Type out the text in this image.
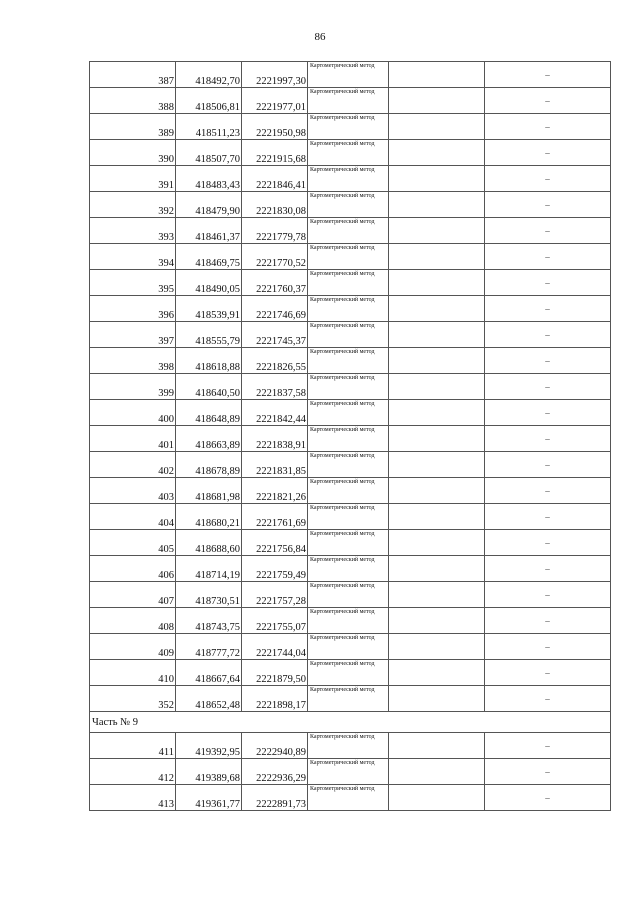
86
387	418492,70	2221997,30	Картометрический метод		–
388	418506,81	2221977,01	Картометрический метод		–
389	418511,23	2221950,98	Картометрический метод		–
390	418507,70	2221915,68	Картометрический метод		–
391	418483,43	2221846,41	Картометрический метод		–
392	418479,90	2221830,08	Картометрический метод		–
393	418461,37	2221779,78	Картометрический метод		–
394	418469,75	2221770,52	Картометрический метод		–
395	418490,05	2221760,37	Картометрический метод		–
396	418539,91	2221746,69	Картометрический метод		–
397	418555,79	2221745,37	Картометрический метод		–
398	418618,88	2221826,55	Картометрический метод		–
399	418640,50	2221837,58	Картометрический метод		–
400	418648,89	2221842,44	Картометрический метод		–
401	418663,89	2221838,91	Картометрический метод		–
402	418678,89	2221831,85	Картометрический метод		–
403	418681,98	2221821,26	Картометрический метод		–
404	418680,21	2221761,69	Картометрический метод		–
405	418688,60	2221756,84	Картометрический метод		–
406	418714,19	2221759,49	Картометрический метод		–
407	418730,51	2221757,28	Картометрический метод		–
408	418743,75	2221755,07	Картометрический метод		–
409	418777,72	2221744,04	Картометрический метод		–
410	418667,64	2221879,50	Картометрический метод		–
352	418652,48	2221898,17	Картометрический метод		–
Часть № 9					
411	419392,95	2222940,89	Картометрический метод		–
412	419389,68	2222936,29	Картометрический метод		–
413	419361,77	2222891,73	Картометрический метод		–
